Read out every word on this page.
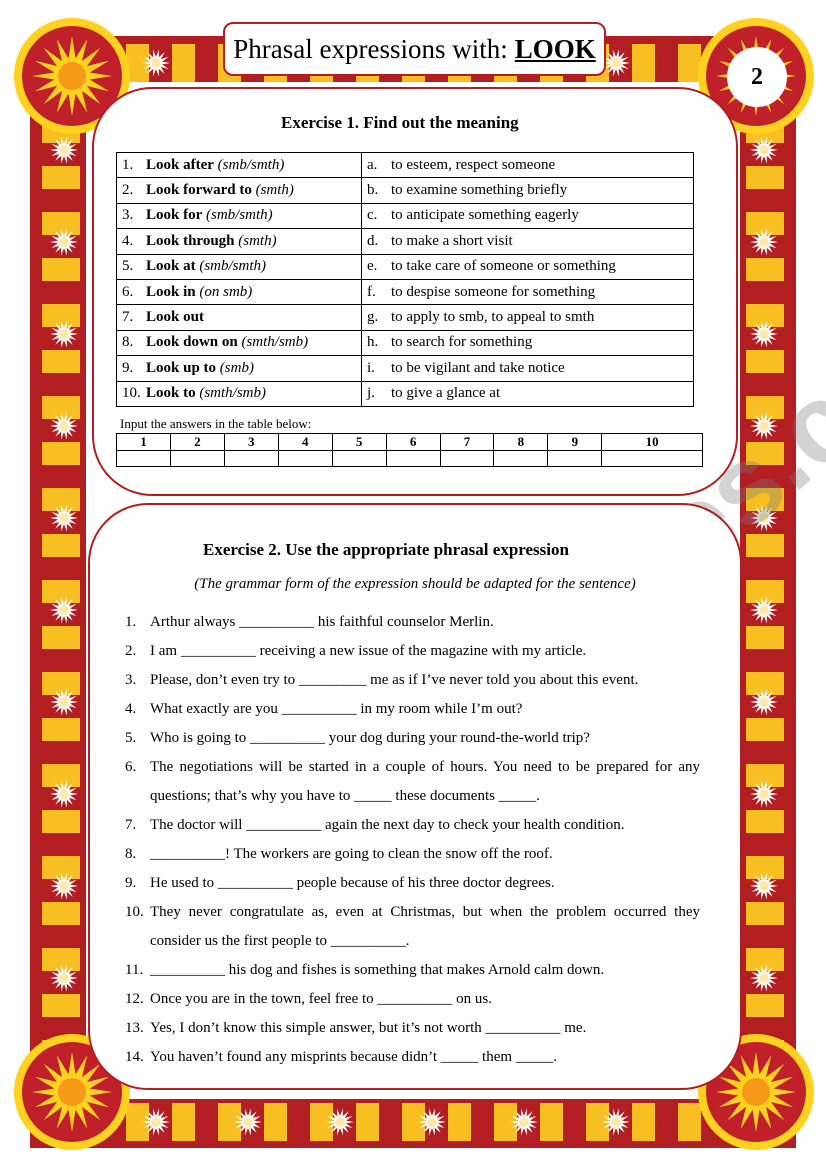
Phrasal expressions with: LOOK
2
Exercise 1. Find out the meaning
1. Look after (smb/smth)	a. to esteem, respect someone
2. Look forward to (smth)	b. to examine something briefly
3. Look for (smb/smth)	c. to anticipate something eagerly
4. Look through (smth)	d. to make a short visit
5. Look at (smb/smth)	e. to take care of someone or something
6. Look in (on smb)	f. to despise someone for something
7. Look out	g. to apply to smb, to appeal to smth
8. Look down on (smth/smb)	h. to search for something
9. Look up to (smb)	i. to be vigilant and take notice
10. Look to (smth/smb)	j. to give a glance at
Input the answers in the table below:
1	2	3	4	5	6	7	8	9	10

Exercise 2. Use the appropriate phrasal expression
(The grammar form of the expression should be adapted for the sentence)
1. Arthur always __________ his faithful counselor Merlin.
2. I am __________ receiving a new issue of the magazine with my article.
3. Please, don’t even try to _________ me as if I’ve never told you about this event.
4. What exactly are you __________ in my room while I’m out?
5. Who is going to __________ your dog during your round-the-world trip?
6. The negotiations will be started in a couple of hours. You need to be prepared for any questions; that’s why you have to _____ these documents _____.
7. The doctor will __________ again the next day to check your health condition.
8. __________! The workers are going to clean the snow off the roof.
9. He used to __________ people because of his three doctor degrees.
10. They never congratulate as, even at Christmas, but when the problem occurred they consider us the first people to __________.
11. __________ his dog and fishes is something that makes Arnold calm down.
12. Once you are in the town, feel free to __________ on us.
13. Yes, I don’t know this simple answer, but it’s not worth __________ me.
14. You haven’t found any misprints because didn’t _____ them _____.
